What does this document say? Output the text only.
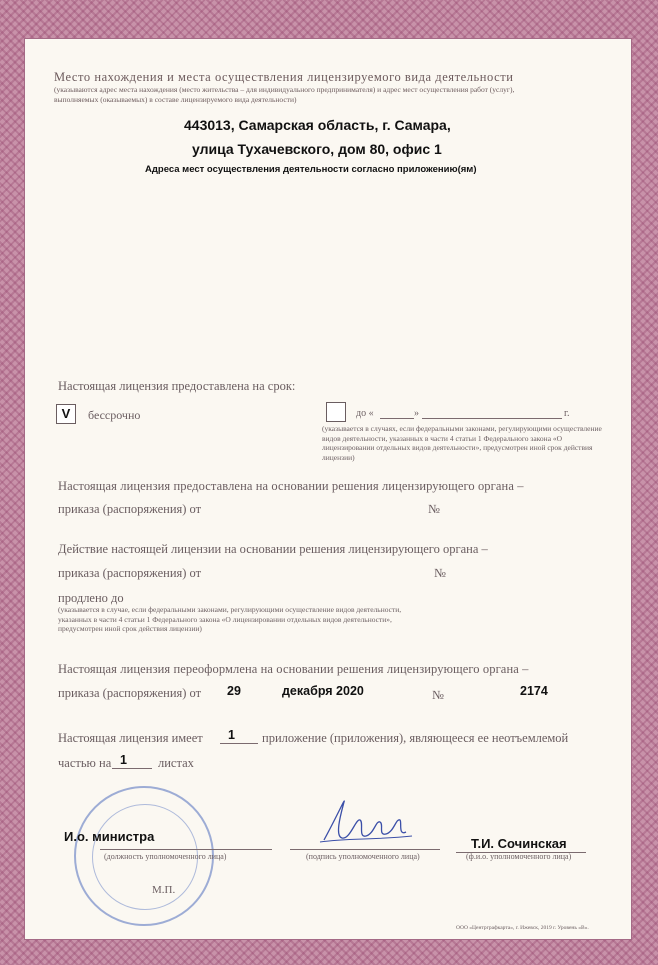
Место нахождения и места осуществления лицензируемого вида деятельности
(указываются адрес места нахождения (место жительства – для индивидуального предпринимателя) и адрес мест осуществления работ (услуг),
выполняемых (оказываемых) в составе лицензируемого вида деятельности)
443013, Самарская область, г. Самара,
улица Тухачевского, дом 80, офис 1
Адреса мест осуществления деятельности согласно приложению(ям)
Настоящая лицензия предоставлена на срок:
V	бессрочно	до «	»	г.
(указывается в случаях, если федеральными законами, регулирующими осуществление видов деятельности, указанных в части 4 статьи 1 Федерального закона «О лицензировании отдельных видов деятельности», предусмотрен иной срок действия лицензии)
Настоящая лицензия предоставлена на основании решения лицензирующего органа –
приказа (распоряжения) от	№
Действие настоящей лицензии на основании решения лицензирующего органа –
приказа (распоряжения) от	№
продлено до
(указывается в случае, если федеральными законами, регулирующими осуществление видов деятельности, указанных в части 4 статьи 1 Федерального закона «О лицензировании отдельных видов деятельности», предусмотрен иной срок действия лицензии)
Настоящая лицензия переоформлена на основании решения лицензирующего органа –
приказа (распоряжения) от 29	декабря 2020	№	2174
Настоящая лицензия имеет 1 приложение (приложения), являющееся ее неотъемлемой
частью на 1 листах
И.о. министра
(должность уполномоченного лица)	(подпись уполномоченного лица)
Т.И. Сочинская
(ф.и.о. уполномоченного лица)
М.П.
ООО «Центрграфкарта», г. Ижевск, 2019 г. Уровень «В».
